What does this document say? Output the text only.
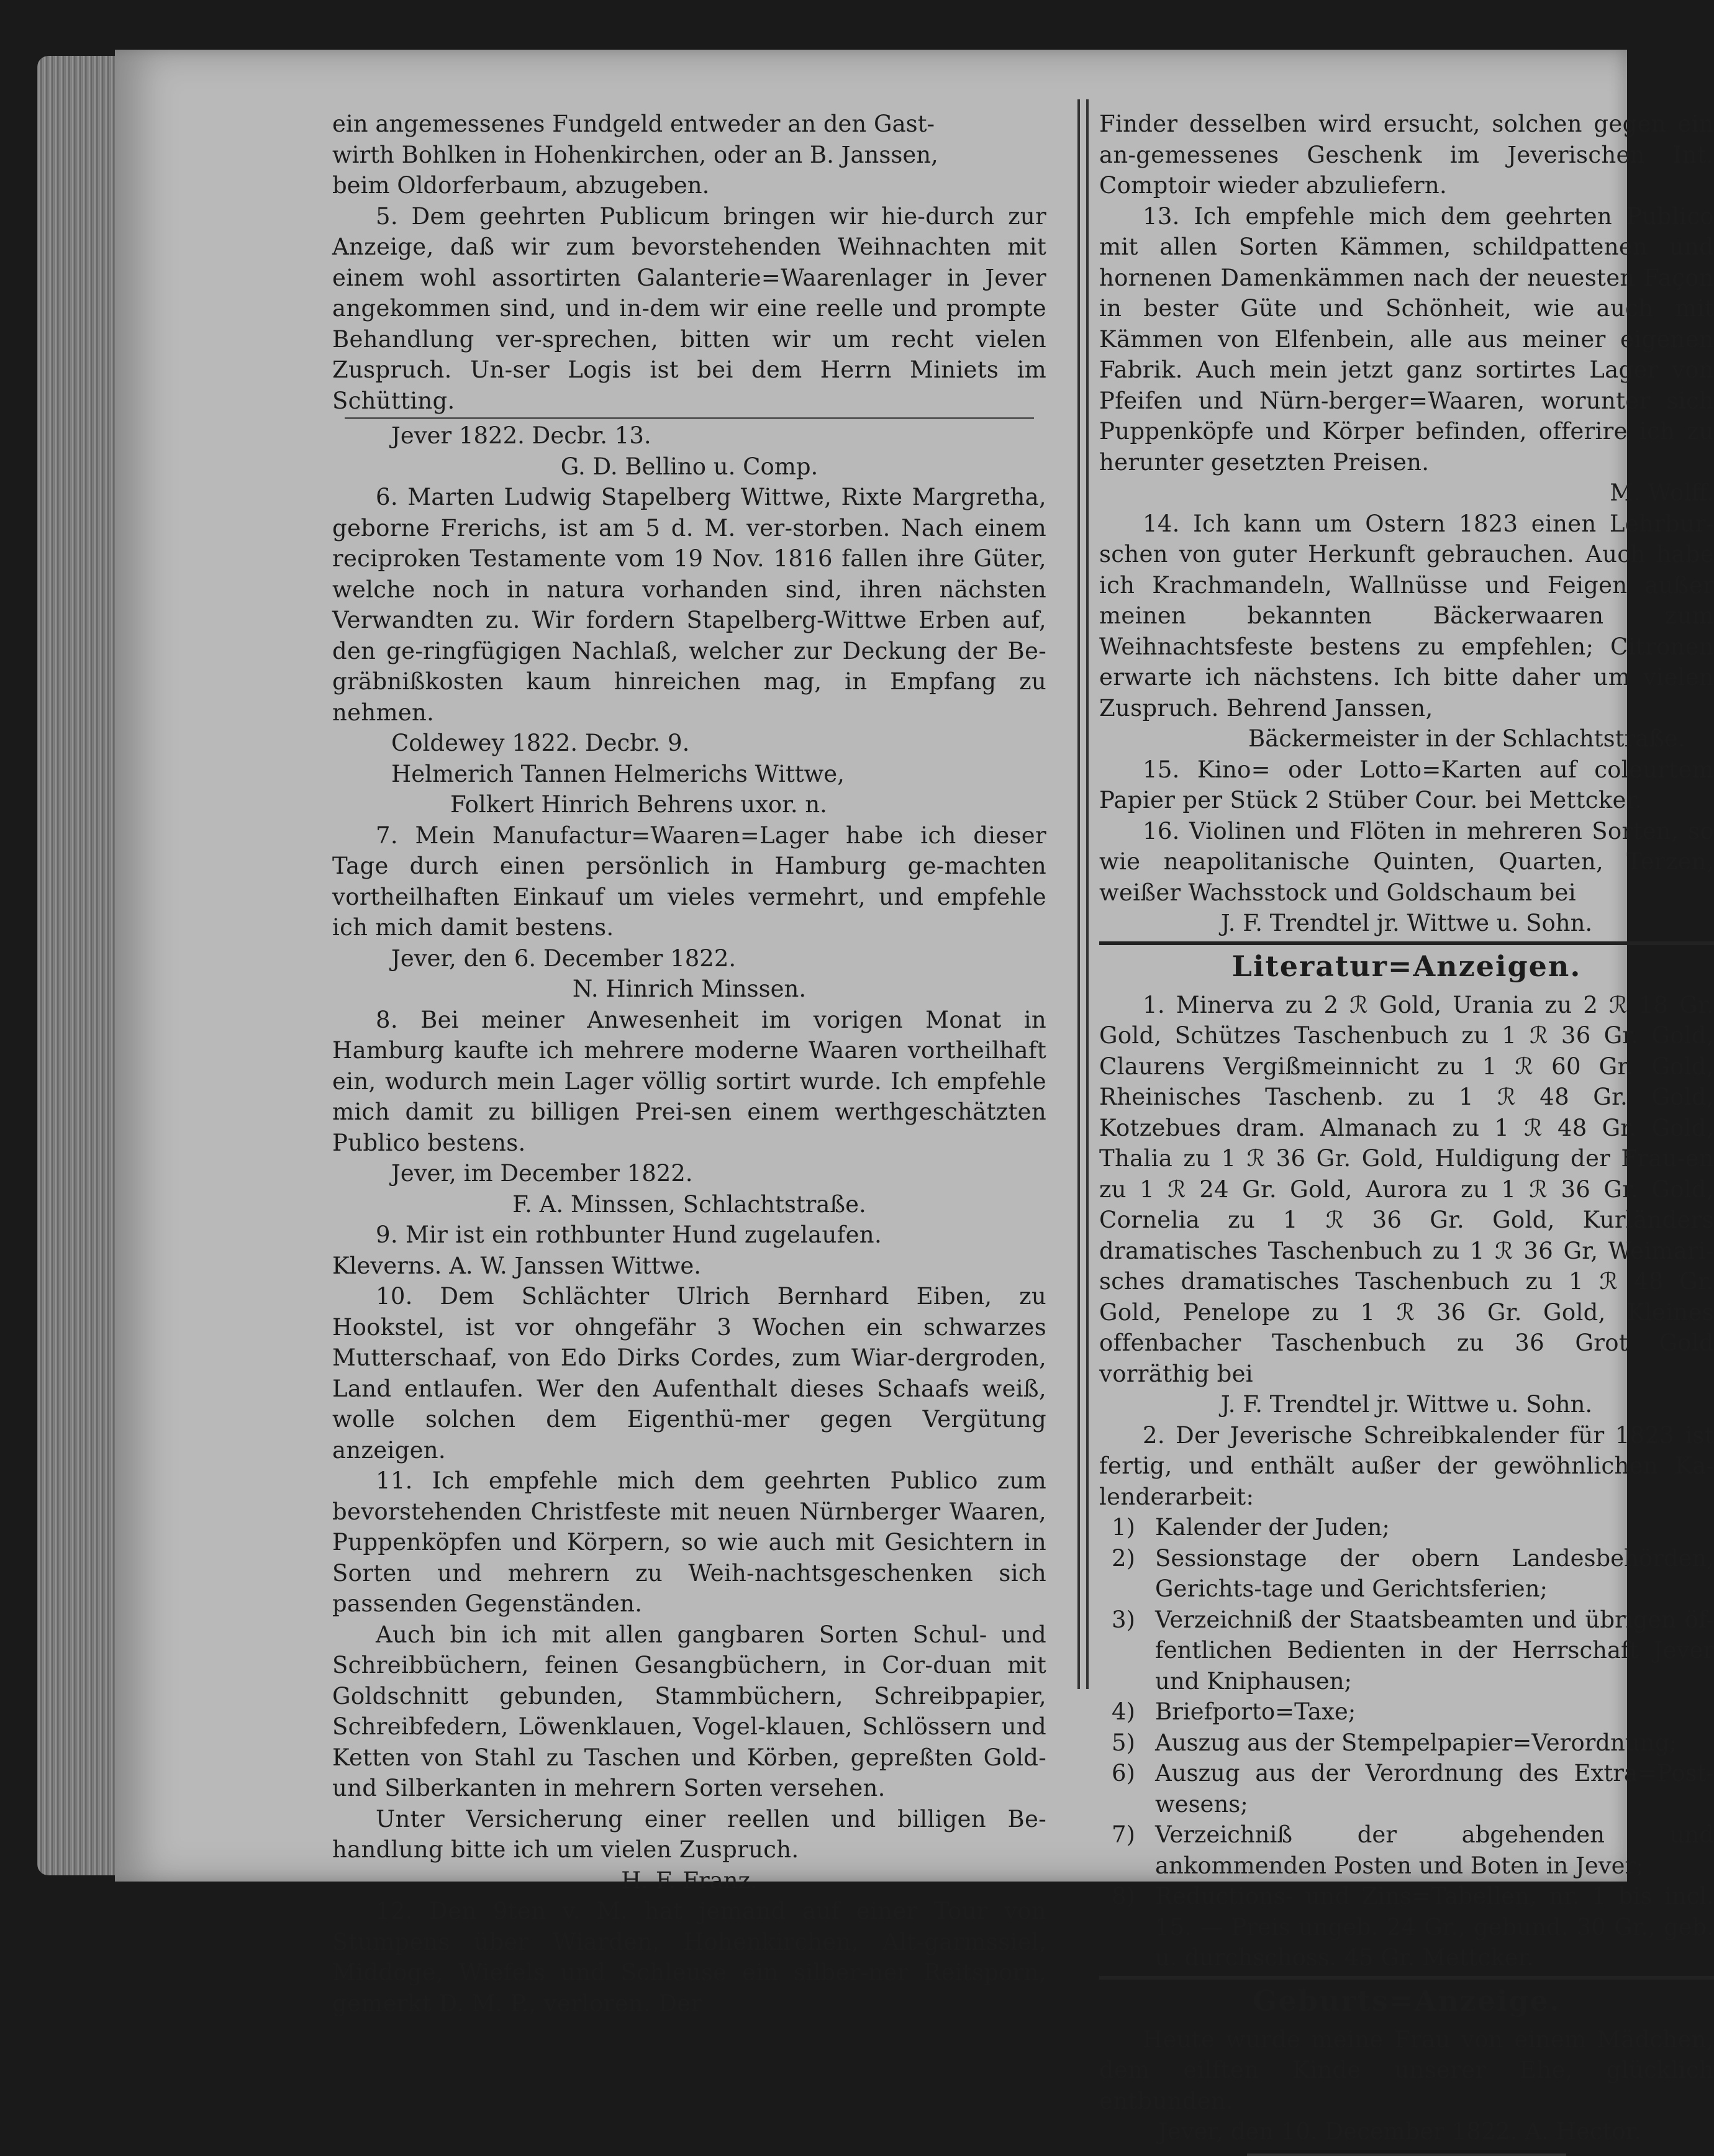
ein angemessenes Fundgeld entweder an den Gast-

wirth Bohlken in Hohenkirchen, oder an B. Janssen,

beim Oldorferbaum, abzugeben.

5. Dem geehrten Publicum bringen wir hie-durch zur Anzeige, daß wir zum bevorstehenden Weihnachten mit einem wohl assortirten Galanterie=Waarenlager in Jever angekommen sind, und in-dem wir eine reelle und prompte Behandlung ver-sprechen, bitten wir um recht vielen Zuspruch. Un-ser Logis ist bei dem Herrn Miniets im Schütting.

Jever 1822. Decbr. 13.

G. D. Bellino u. Comp.

6. Marten Ludwig Stapelberg Wittwe, Rixte Margretha, geborne Frerichs, ist am 5 d. M. ver-storben. Nach einem reciproken Testamente vom 19 Nov. 1816 fallen ihre Güter, welche noch in natura vorhanden sind, ihren nächsten Verwandten zu. Wir fordern Stapelberg-Wittwe Erben auf, den ge-ringfügigen Nachlaß, welcher zur Deckung der Be-gräbnißkosten kaum hinreichen mag, in Empfang zu nehmen.

Coldewey 1822. Decbr. 9.

Helmerich Tannen Helmerichs Wittwe,

Folkert Hinrich Behrens uxor. n.

7. Mein Manufactur=Waaren=Lager habe ich dieser Tage durch einen persönlich in Hamburg ge-machten vortheilhaften Einkauf um vieles vermehrt, und empfehle ich mich damit bestens.

Jever, den 6. December 1822.

N. Hinrich Minssen.

8. Bei meiner Anwesenheit im vorigen Monat in Hamburg kaufte ich mehrere moderne Waaren vortheilhaft ein, wodurch mein Lager völlig sortirt wurde. Ich empfehle mich damit zu billigen Prei-sen einem werthgeschätzten Publico bestens.

Jever, im December 1822.

F. A. Minssen, Schlachtstraße.

9. Mir ist ein rothbunter Hund zugelaufen.

Kleverns. A. W. Janssen Wittwe.

10. Dem Schlächter Ulrich Bernhard Eiben, zu Hookstel, ist vor ohngefähr 3 Wochen ein schwarzes Mutterschaaf, von Edo Dirks Cordes, zum Wiar-dergroden, Land entlaufen. Wer den Aufenthalt dieses Schaafs weiß, wolle solchen dem Eigenthü-mer gegen Vergütung anzeigen.

11. Ich empfehle mich dem geehrten Publico zum bevorstehenden Christfeste mit neuen Nürnberger Waaren, Puppenköpfen und Körpern, so wie auch mit Gesichtern in Sorten und mehrern zu Weih-nachtsgeschenken sich passenden Gegenständen.

Auch bin ich mit allen gangbaren Sorten Schul- und Schreibbüchern, feinen Gesangbüchern, in Cor-duan mit Goldschnitt gebunden, Stammbüchern, Schreibpapier, Schreibfedern, Löwenklauen, Vogel-klauen, Schlössern und Ketten von Stahl zu Taschen und Körben, gepreßten Gold- und Silberkanten in mehrern Sorten versehen.

Unter Versicherung einer reellen und billigen Be-handlung bitte ich um vielen Zuspruch.

H. F. Franz.

12. Den 9ten v. M. hat jemand auf einer Tour von Stumpens über Wiarden, Hohenkirchen, Alt-garmssiel, Middoge, Wiefels und Schleuse ein silber-ner Reitsporn, gemerkt D. M. P., verloren. Der

Finder desselben wird ersucht, solchen gegen ein an-gemessenes Geschenk im Jeverischen Int. Comptoir wieder abzuliefern.

13. Ich empfehle mich dem geehrten Publico mit allen Sorten Kämmen, schildpattenen und hornenen Damenkämmen nach der neuesten Façon in bester Güte und Schönheit, wie auch mit Kämmen von Elfenbein, alle aus meiner eigenen Fabrik. Auch mein jetzt ganz sortirtes Lager von Pfeifen und Nürn-berger=Waaren, worunter sich Puppenköpfe und Körper befinden, offerire ich zu herunter gesetzten Preisen.

M. Wolff.

14. Ich kann um Ostern 1823 einen Lehrbur-schen von guter Herkunft gebrauchen. Auch habe ich Krachmandeln, Wallnüsse und Feigen außer meinen bekannten Bäckerwaaren zum Weihnachtsfeste bestens zu empfehlen; Citronen erwarte ich nächstens. Ich bitte daher um vielen Zuspruch. Behrend Janssen,

Bäckermeister in der Schlachtstraße.

15. Kino= oder Lotto=Karten auf coleurtem Papier per Stück 2 Stüber Cour. bei Mettcker.

16. Violinen und Flöten in mehreren Sorten, so wie neapolitanische Quinten, Quarten, Terzen, weißer Wachsstock und Goldschaum bei

J. F. Trendtel jr. Wittwe u. Sohn.

Literatur=Anzeigen.

1. Minerva zu 2 ℛ Gold, Urania zu 2 ℛ 18 Gr. Gold, Schützes Taschenbuch zu 1 ℛ 36 Gr. Gold, Claurens Vergißmeinnicht zu 1 ℛ 60 Gr. Gold, Rheinisches Taschenb. zu 1 ℛ 48 Gr. Gold, Kotzebues dram. Almanach zu 1 ℛ 48 Gr. Gold, Thalia zu 1 ℛ 36 Gr. Gold, Huldigung der Frau-en zu 1 ℛ 24 Gr. Gold, Aurora zu 1 ℛ 36 Gr. Gold, Cornelia zu 1 ℛ 36 Gr. Gold, Kurländers dramatisches Taschenbuch zu 1 ℛ 36 Gr, Weimari-sches dramatisches Taschenbuch zu 1 ℛ 48 Gr. Gold, Penelope zu 1 ℛ 36 Gr. Gold, Kleines offenbacher Taschenbuch zu 36 Grot Gold vorräthig bei

J. F. Trendtel jr. Wittwe u. Sohn.

2. Der Jeverische Schreibkalender für 1823 ist fertig, und enthält außer der gewöhnlichen Ka-lenderarbeit:

1) Kalender der Juden;
2) Sessionstage der obern Landesbehörden, Gerichts-tage und Gerichtsferien;
3) Verzeichniß der Staatsbeamten und übrigen öf-fentlichen Bedienten in der Herrschaft Jever und Kniphausen;
4) Briefporto=Taxe;
5) Auszug aus der Stempelpapier=Verordnung;
6) Auszug aus der Verordnung des Extra=Post-wesens;
7) Verzeichniß der abgehenden und ankommenden Posten und Boten in Jever;
8) Reductions- und Zins=Tabellen, nr. 1 bis incl. 15. — Preis ungeb. 24 Gr., gebund. 30 Gr., geb. u. durchschoss. 45 Gr. Mettcker.
Geburts=Anzeige.

Heute wurde meine Frau von einem Mädchen, dem eilften Kinde unserer Ehe, glücklich entbunden.

Jever, den 10. December 1822. A. Hector.
